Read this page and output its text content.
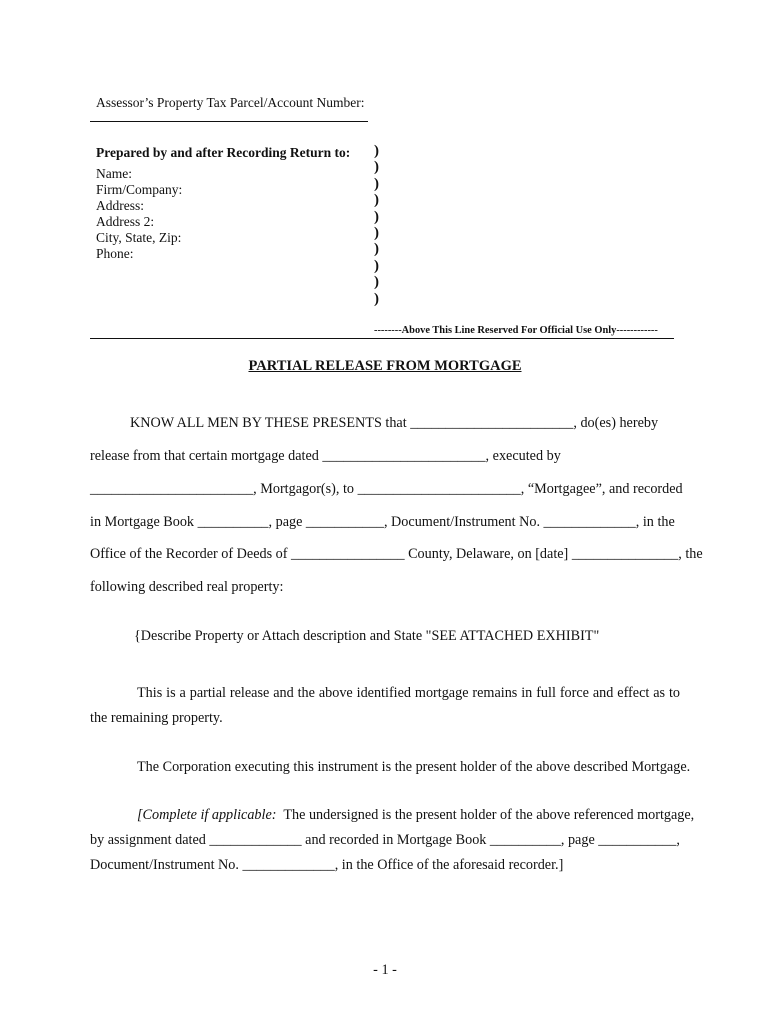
Assessor’s Property Tax Parcel/Account Number:
Prepared by and after Recording Return to:
Name:
Firm/Company:
Address:
Address 2:
City, State, Zip:
Phone:
)
)
)
)
)
)
)
)
)
)
--------Above This Line Reserved For Official Use Only------------
PARTIAL RELEASE FROM MORTGAGE
KNOW ALL MEN BY THESE PRESENTS that _______________________, do(es) hereby
release from that certain mortgage dated _______________________, executed by
_______________________, Mortgagor(s), to _______________________, “Mortgagee”, and recorded
in Mortgage Book __________, page ___________, Document/Instrument No. _____________, in the
Office of the Recorder of Deeds of ________________ County, Delaware, on [date] _______________, the
following described real property:
{Describe Property or Attach description and State "SEE ATTACHED EXHIBIT"
This is a partial release and the above identified mortgage remains in full force and effect as to
the remaining property.
The Corporation executing this instrument is the present holder of the above described Mortgage.
[Complete if applicable:  The undersigned is the present holder of the above referenced mortgage,
by assignment dated _____________ and recorded in Mortgage Book __________, page ___________,
Document/Instrument No. _____________, in the Office of the aforesaid recorder.]
- 1 -
